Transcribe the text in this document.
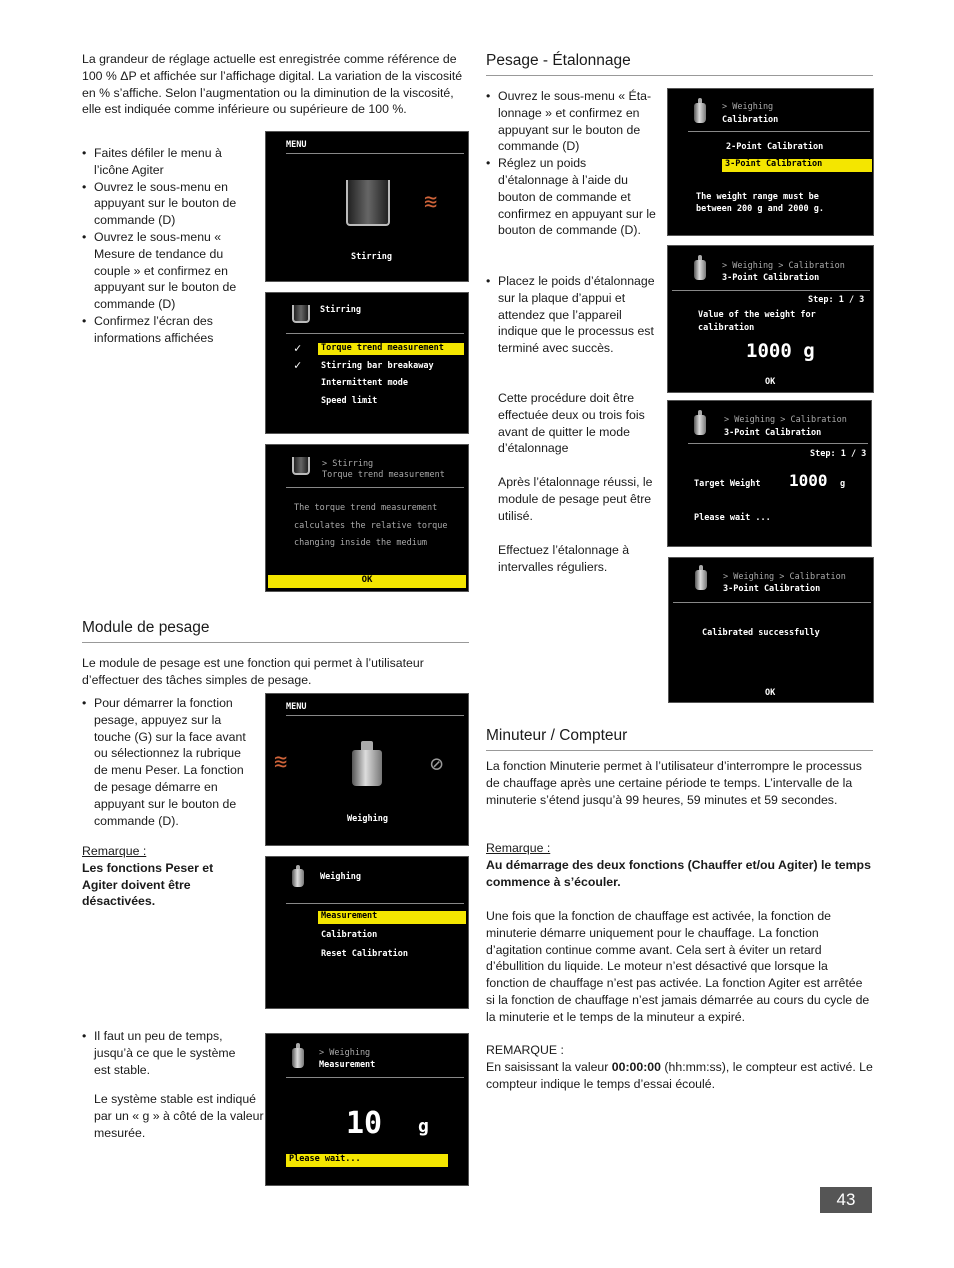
La grandeur de réglage actuelle est enregistrée comme référence de 100 % ΔP et affichée sur l’affichage digital. La variation de la viscosité en % s’affiche. Selon l’augmentation ou la diminution de la viscosité, elle est indiquée comme inférieure ou supérieure de 100 %.
• Faites défiler le menu à l’icône Agiter
• Ouvrez le sous-menu en appuyant sur le bouton de commande (D)
• Ouvrez le sous-menu « Mesure de tendance du couple » et confirmez en appuyant sur le bouton de commande (D)
• Confirmez l’écran des informations affichées
Module de pesage
Le module de pesage est une fonction qui permet à l’utilisateur d’effectuer des tâches simples de pesage.
• Pour démarrer la fonction pesage, appuyez sur la touche (G) sur la face avant ou sélectionnez la rubrique de menu Peser. La fonction de pesage démarre en appuyant sur le bouton de commande (D).
Remarque :
Les fonctions Peser et Agiter doivent être désactivées.
• Il faut un peu de temps, jusqu’à ce que le système est stable.
Le système stable est indiqué par un « g » à côté de la valeur mesurée.
Pesage - Étalonnage
• Ouvrez le sous-menu « Éta- lonnage » et confirmez en appuyant sur le bouton de commande (D)
• Réglez un poids d’étalonnage à l’aide du bouton de commande et confirmez en appuyant sur le bouton de commande (D).
• Placez le poids d’étalonnage sur la plaque d’appui et attendez que l’appareil indique que le processus est terminé avec succès.
Cette procédure doit être effectuée deux ou trois fois avant de quitter le mode d’étalonnage
Après l’étalonnage réussi, le module de pesage peut être utilisé.
Effectuez l’étalonnage à intervalles réguliers.
Minuteur / Compteur
La fonction Minuterie permet à l’utilisateur d’interrompre le processus de chauffage après une certaine période te temps. L’intervalle de la minuterie s’étend jusqu’à 99 heures, 59 minutes et 59 secondes.
Remarque :
Au démarrage des deux fonctions (Chauffer et/ou Agiter) le temps commence à s’écouler.
Une fois que la fonction de chauffage est activée, la fonction de minuterie démarre uniquement pour le chauffage. La fonction d’agitation continue comme avant. Cela sert à éviter un retard d’ébullition du liquide. Le moteur n’est désactivé que lorsque la fonction de chauffage n’est pas activée. La fonction Agiter est arrêtée si la fonction de chauffage n’est jamais démarrée au cours du cycle de la minuterie et le temps de la minuteur a expiré.
REMARQUE :
En saisissant la valeur 00:00:00 (hh:mm:ss), le compteur est activé. Le compteur indique le temps d’essai écoulé.
MENU
≋
Stirring
Stirring
✓	Torque trend measurement
✓ Stirring bar breakaway
Intermittent mode
Speed limit
> Stirring
Torque trend measurement
The torque trend measurement
calculates the relative torque
changing inside the medium
OK
MENU
≋	⊘
Weighing
Weighing
Measurement
Calibration
Reset Calibration
> Weighing
Measurement
10 g
Please wait...
> Weighing
Calibration
2-Point Calibration
3-Point Calibration
The weight range must be
between 200 g and 2000 g.
> Weighing > Calibration
3-Point Calibration
Step: 1 / 3
Value of the weight for
calibration
1000 g
OK
> Weighing > Calibration
3-Point Calibration
Step: 1 / 3
Target Weight 1000 g
Please wait ...
> Weighing > Calibration
3-Point Calibration
Calibrated successfully
OK
43
